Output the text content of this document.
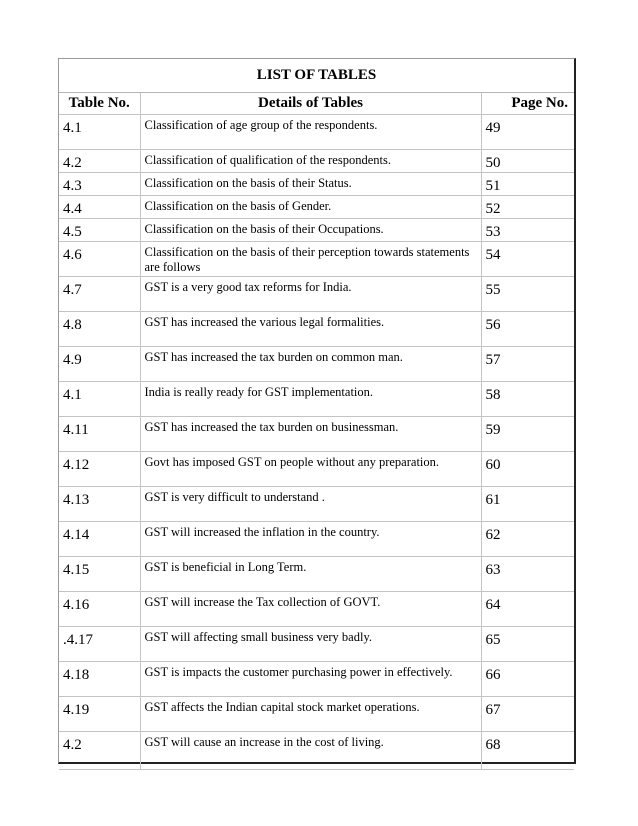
LIST OF TABLES
Table No.	Details of Tables	Page No.
4.1	Classification of age group of the respondents.	49
4.2	Classification of qualification of the respondents.	50
4.3	Classification on the basis of their Status.	51
4.4	Classification on the basis of Gender.	52
4.5	Classification on the basis of their Occupations.	53
4.6	Classification on the basis of their perception towards statements are follows	54
4.7	GST is a very good tax reforms for India.	55
4.8	GST has increased the various legal formalities.	56
4.9	GST has increased the tax burden on common man.	57
4.1	India is really ready for GST implementation.	58
4.11	GST has increased the tax burden on businessman.	59
4.12	Govt has imposed GST on people without any preparation.	60
4.13	GST is very difficult to understand .	61
4.14	GST will increased the inflation in the country.	62
4.15	GST is beneficial in Long Term.	63
4.16	GST will increase the Tax collection of GOVT.	64
.4.17	GST will affecting small business very badly.	65
4.18	GST is impacts the customer purchasing power in effectively.	66
4.19	GST affects the Indian capital stock market operations.	67
4.2	GST will cause an increase in the cost of living.	68
